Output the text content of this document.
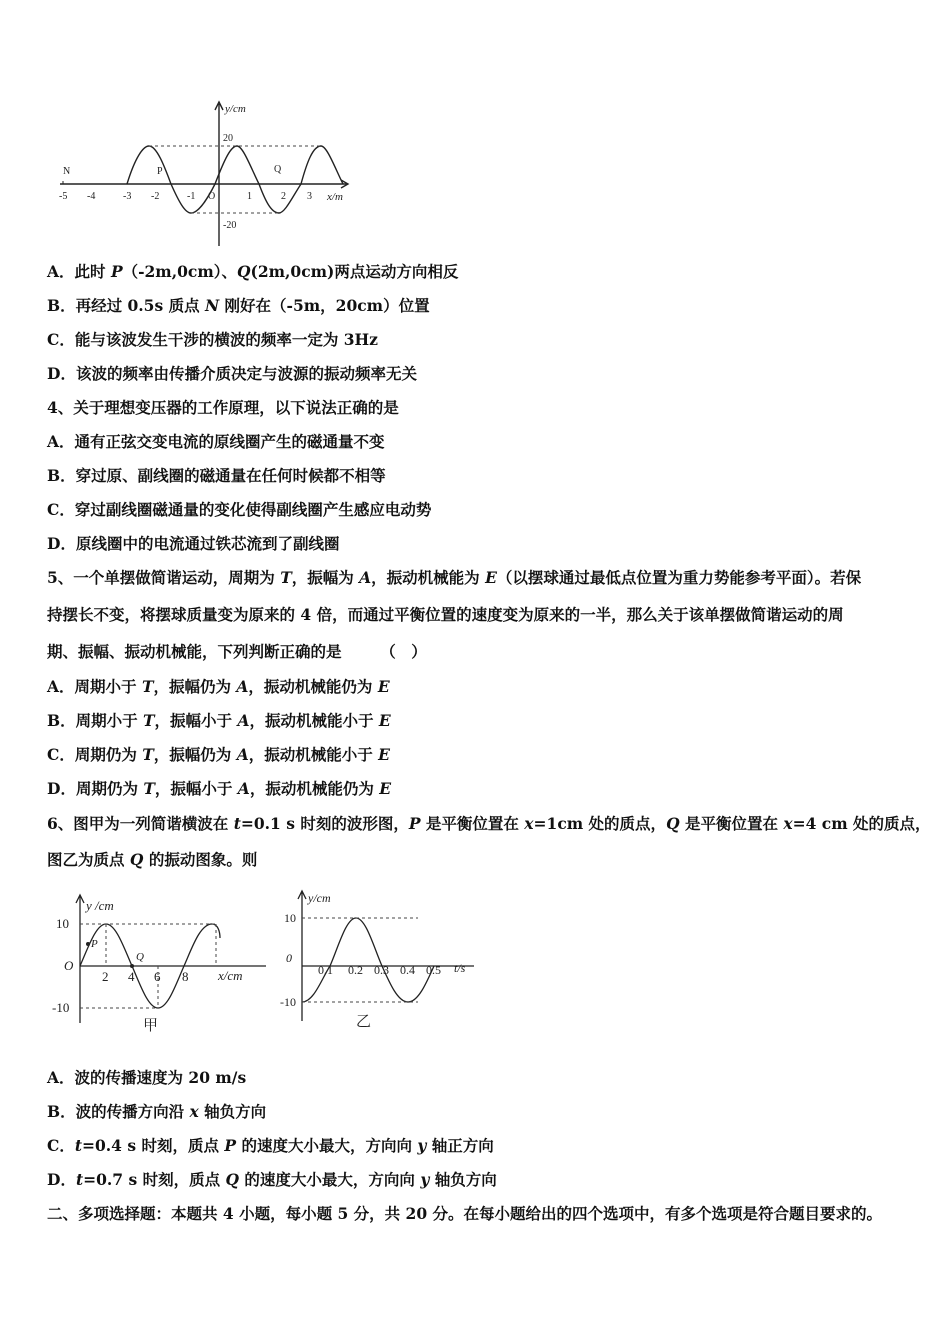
y/cm
x/m
20
-20
-5 -4	-3 -2	-1 O	1	2 3
N	P	Q
A．此时 P（-2m,0cm）、Q(2m,0cm)两点运动方向相反
B．再经过 0.5s 质点 N 刚好在（-5m，20cm）位置
C．能与该波发生干涉的横波的频率一定为 3Hz
D．该波的频率由传播介质决定与波源的振动频率无关
4、关于理想变压器的工作原理，以下说法正确的是
A．通有正弦交变电流的原线圈产生的磁通量不变
B．穿过原、副线圈的磁通量在任何时候都不相等
C．穿过副线圈磁通量的变化使得副线圈产生感应电动势
D．原线圈中的电流通过铁芯流到了副线圈
5、一个单摆做简谐运动，周期为 T，振幅为 A，振动机械能为 E（以摆球通过最低点位置为重力势能参考平面）。若保
持摆长不变，将摆球质量变为原来的 4 倍，而通过平衡位置的速度变为原来的一半，那么关于该单摆做简谐运动的周
期、振幅、振动机械能，下列判断正确的是　　　（　）
A．周期小于 T，振幅仍为 A，振动机械能仍为 E
B．周期小于 T，振幅小于 A，振动机械能小于 E
C．周期仍为 T，振幅仍为 A，振动机械能小于 E
D．周期仍为 T，振幅小于 A，振动机械能仍为 E
6、图甲为一列简谐横波在 t=0.1 s 时刻的波形图，P 是平衡位置在 x=1cm 处的质点，Q 是平衡位置在 x=4 cm 处的质点，
图乙为质点 Q 的振动图象。则
y /cm
x/cm
10
O
-10
2 4 6 8
P
Q
甲
y/cm
t/s
10
0
-10
0.1 0.2 0.3 0.4 0.5
乙
A．波的传播速度为 20 m/s
B．波的传播方向沿 x 轴负方向
C．t=0.4 s 时刻，质点 P 的速度大小最大，方向向 y 轴正方向
D．t=0.7 s 时刻，质点 Q 的速度大小最大，方向向 y 轴负方向
二、多项选择题：本题共 4 小题，每小题 5 分，共 20 分。在每小题给出的四个选项中，有多个选项是符合题目要求的。
